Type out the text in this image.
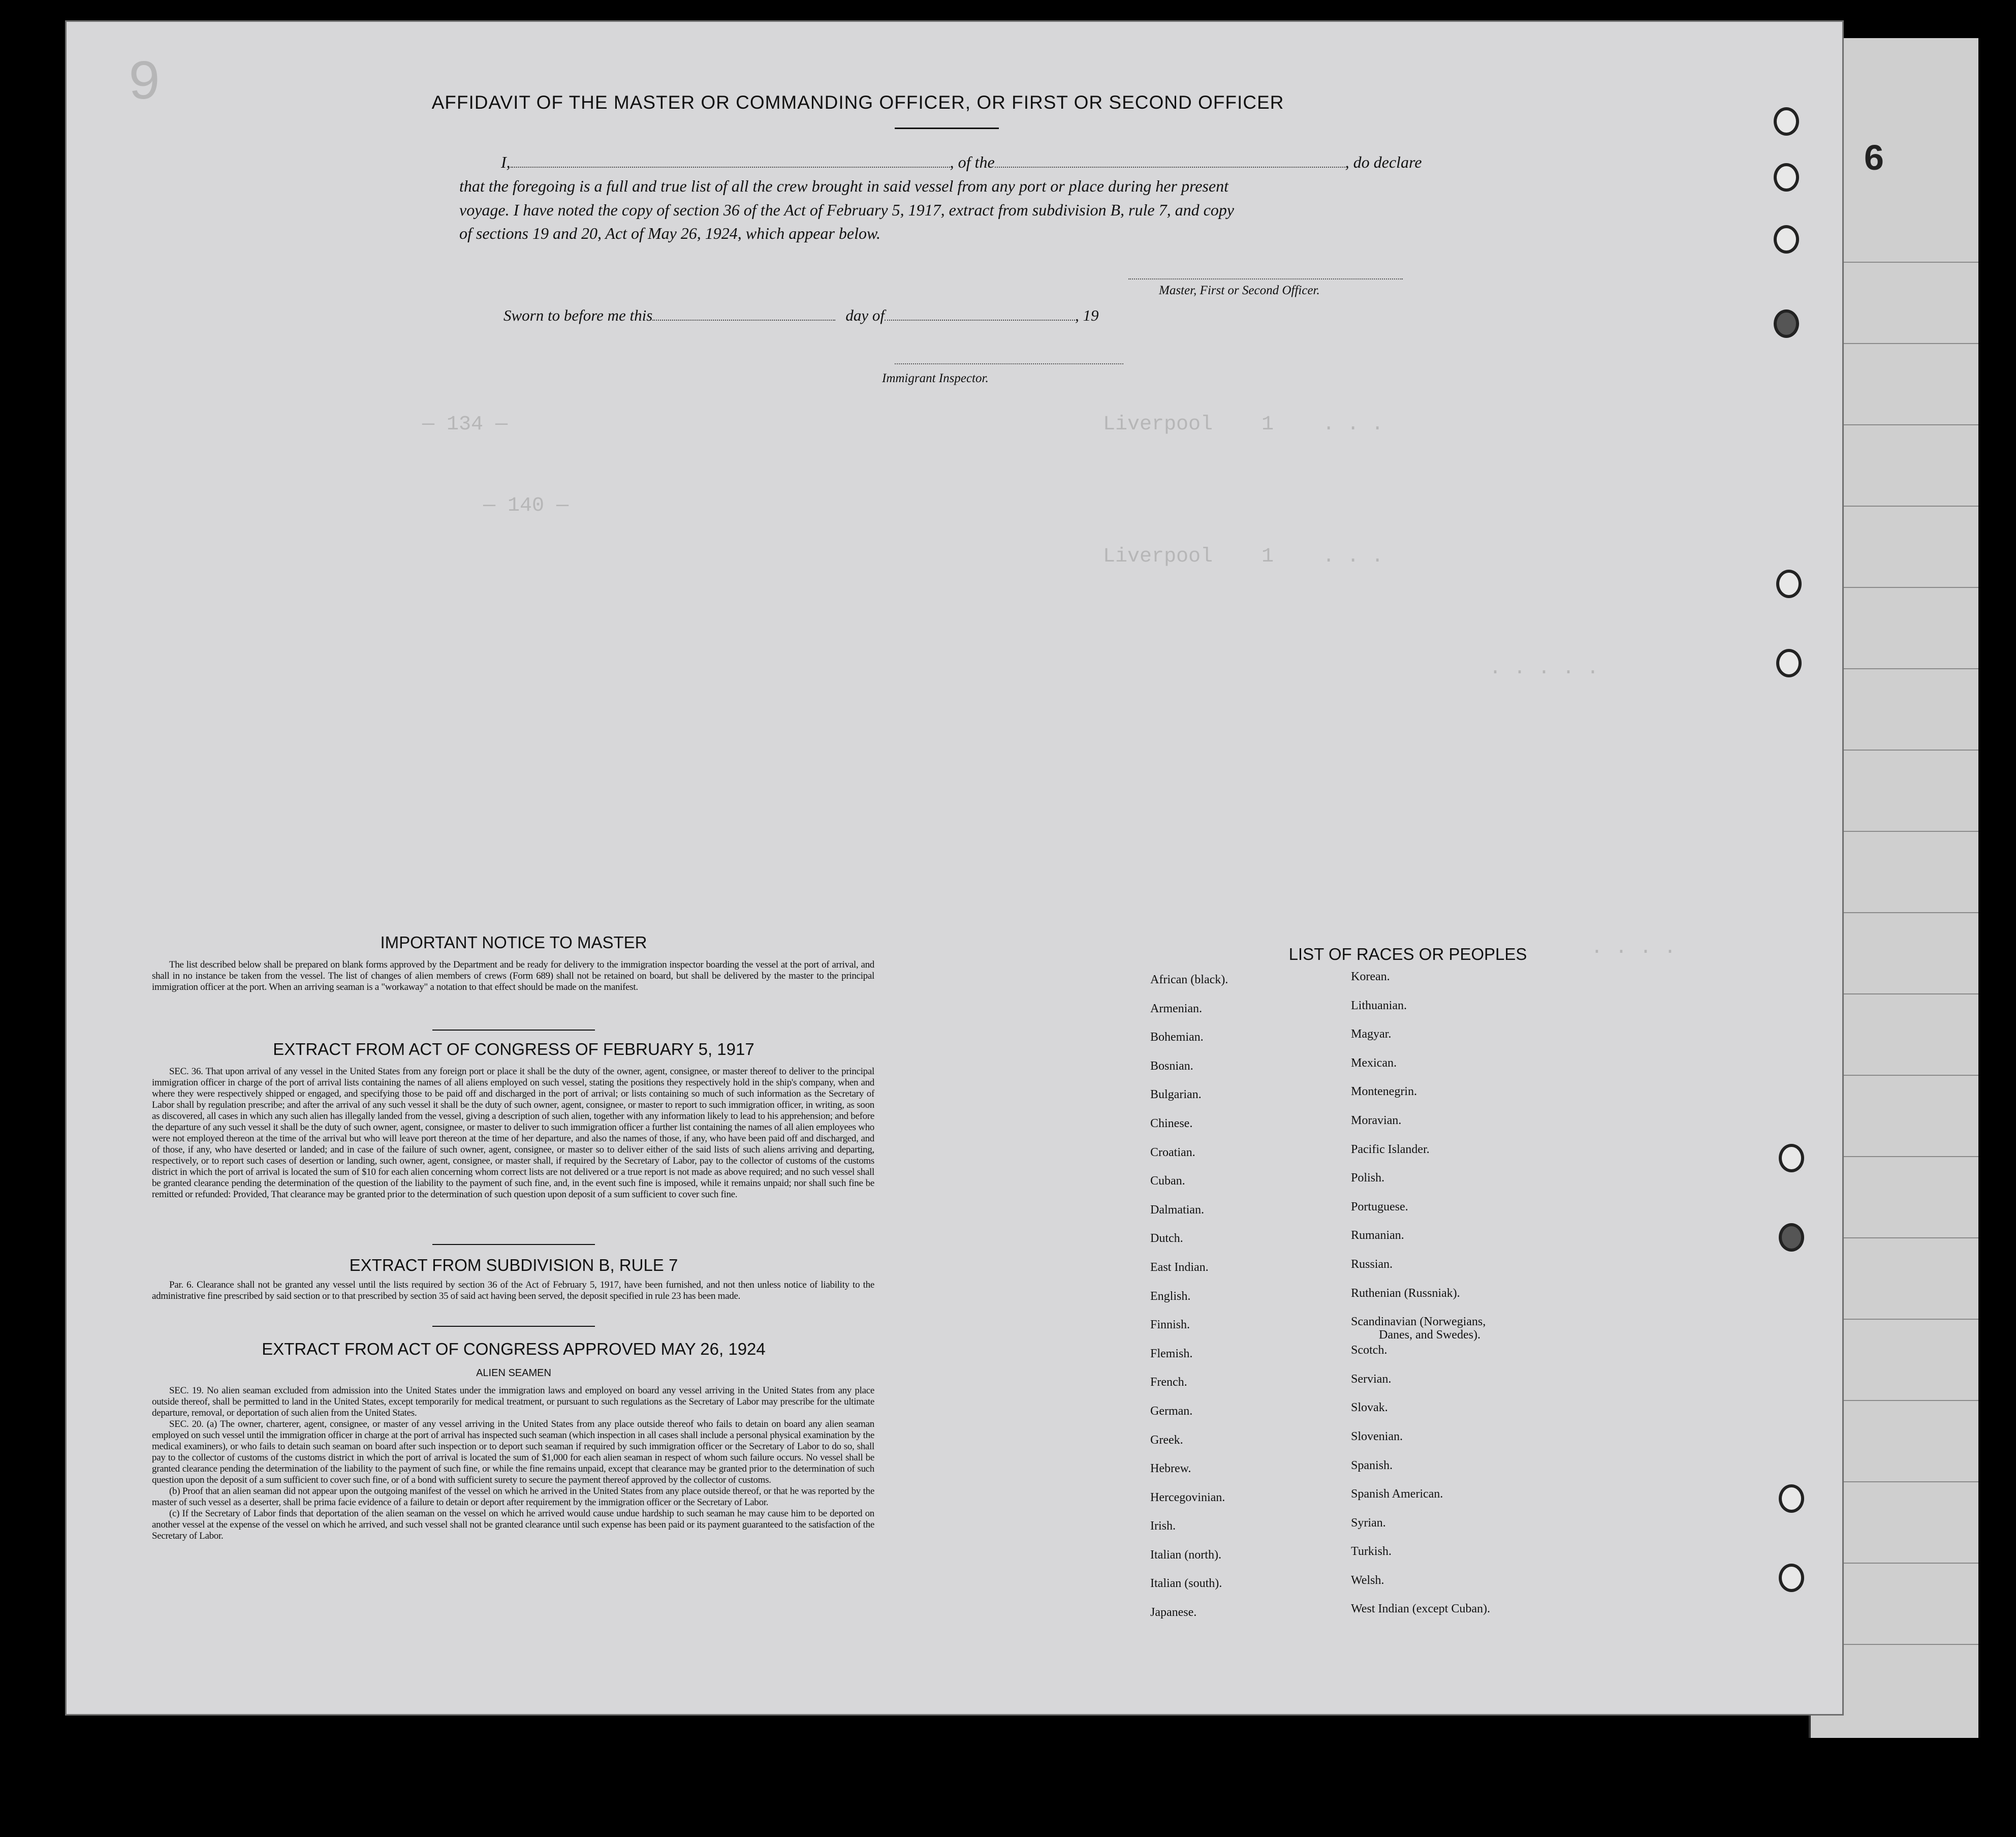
6
9
— 134 —
— 140 —
Liverpool    1    . . .
Liverpool    1    . . .
. . . . .
. . . .
AFFIDAVIT OF THE MASTER OR COMMANDING OFFICER, OR FIRST OR SECOND OFFICER
I,	, of the	, do declare
that the foregoing is a full and true list of all the crew brought in said vessel from any port or place during her present
voyage. I have noted the copy of section 36 of the Act of February 5, 1917, extract from subdivision B, rule 7, and copy
of sections 19 and 20, Act of May 26, 1924, which appear below.
Master, First or Second Officer.
Sworn to before me this	day of	, 19
Immigrant Inspector.
IMPORTANT NOTICE TO MASTER

The list described below shall be prepared on blank forms approved by the Department and be ready for delivery to the immigration inspector boarding the vessel at the port of arrival, and shall in no instance be taken from the vessel. The list of changes of alien members of crews (Form 689) shall not be retained on board, but shall be delivered by the master to the principal immigration officer at the port. When an arriving seaman is a "workaway" a notation to that effect should be made on the manifest.

EXTRACT FROM ACT OF CONGRESS OF FEBRUARY 5, 1917

SEC. 36. That upon arrival of any vessel in the United States from any foreign port or place it shall be the duty of the owner, agent, consignee, or master thereof to deliver to the principal immigration officer in charge of the port of arrival lists containing the names of all aliens employed on such vessel, stating the positions they respectively hold in the ship's company, when and where they were respectively shipped or engaged, and specifying those to be paid off and discharged in the port of arrival; or lists containing so much of such information as the Secretary of Labor shall by regulation prescribe; and after the arrival of any such vessel it shall be the duty of such owner, agent, consignee, or master to report to such immigration officer, in writing, as soon as discovered, all cases in which any such alien has illegally landed from the vessel, giving a description of such alien, together with any information likely to lead to his apprehension; and before the departure of any such vessel it shall be the duty of such owner, agent, consignee, or master to deliver to such immigration officer a further list containing the names of all alien employees who were not employed thereon at the time of the arrival but who will leave port thereon at the time of her departure, and also the names of those, if any, who have been paid off and discharged, and of those, if any, who have deserted or landed; and in case of the failure of such owner, agent, consignee, or master so to deliver either of the said lists of such aliens arriving and departing, respectively, or to report such cases of desertion or landing, such owner, agent, consignee, or master shall, if required by the Secretary of Labor, pay to the collector of customs of the customs district in which the port of arrival is located the sum of $10 for each alien concerning whom correct lists are not delivered or a true report is not made as above required; and no such vessel shall be granted clearance pending the determination of the question of the liability to the payment of such fine, and, in the event such fine is imposed, while it remains unpaid; nor shall such fine be remitted or refunded: Provided, That clearance may be granted prior to the determination of such question upon deposit of a sum sufficient to cover such fine.

EXTRACT FROM SUBDIVISION B, RULE 7

Par. 6. Clearance shall not be granted any vessel until the lists required by section 36 of the Act of February 5, 1917, have been furnished, and not then unless notice of liability to the administrative fine prescribed by said section or to that prescribed by section 35 of said act having been served, the deposit specified in rule 23 has been made.

EXTRACT FROM ACT OF CONGRESS APPROVED MAY 26, 1924
ALIEN SEAMEN

SEC. 19. No alien seaman excluded from admission into the United States under the immigration laws and employed on board any vessel arriving in the United States from any place outside thereof, shall be permitted to land in the United States, except temporarily for medical treatment, or pursuant to such regulations as the Secretary of Labor may prescribe for the ultimate departure, removal, or deportation of such alien from the United States.

SEC. 20. (a) The owner, charterer, agent, consignee, or master of any vessel arriving in the United States from any place outside thereof who fails to detain on board any alien seaman employed on such vessel until the immigration officer in charge at the port of arrival has inspected such seaman (which inspection in all cases shall include a personal physical examination by the medical examiners), or who fails to detain such seaman on board after such inspection or to deport such seaman if required by such immigration officer or the Secretary of Labor to do so, shall pay to the collector of customs of the customs district in which the port of arrival is located the sum of $1,000 for each alien seaman in respect of whom such failure occurs. No vessel shall be granted clearance pending the determination of the liability to the payment of such fine, or while the fine remains unpaid, except that clearance may be granted prior to the determination of such question upon the deposit of a sum sufficient to cover such fine, or of a bond with sufficient surety to secure the payment thereof approved by the collector of customs.

(b) Proof that an alien seaman did not appear upon the outgoing manifest of the vessel on which he arrived in the United States from any place outside thereof, or that he was reported by the master of such vessel as a deserter, shall be prima facie evidence of a failure to detain or deport after requirement by the immigration officer or the Secretary of Labor.

(c) If the Secretary of Labor finds that deportation of the alien seaman on the vessel on which he arrived would cause undue hardship to such seaman he may cause him to be deported on another vessel at the expense of the vessel on which he arrived, and such vessel shall not be granted clearance until such expense has been paid or its payment guaranteed to the satisfaction of the Secretary of Labor.

LIST OF RACES OR PEOPLES
African (black).
Armenian.
Bohemian.
Bosnian.
Bulgarian.
Chinese.
Croatian.
Cuban.
Dalmatian.
Dutch.
East Indian.
English.
Finnish.
Flemish.
French.
German.
Greek.
Hebrew.
Hercegovinian.
Irish.
Italian (north).
Italian (south).
Japanese.
Korean.
Lithuanian.
Magyar.
Mexican.
Montenegrin.
Moravian.
Pacific Islander.
Polish.
Portuguese.
Rumanian.
Russian.
Ruthenian (Russniak).
Scandinavian (Norwegians,
Danes, and Swedes).
Scotch.
Servian.
Slovak.
Slovenian.
Spanish.
Spanish American.
Syrian.
Turkish.
Welsh.
West Indian (except Cuban).
